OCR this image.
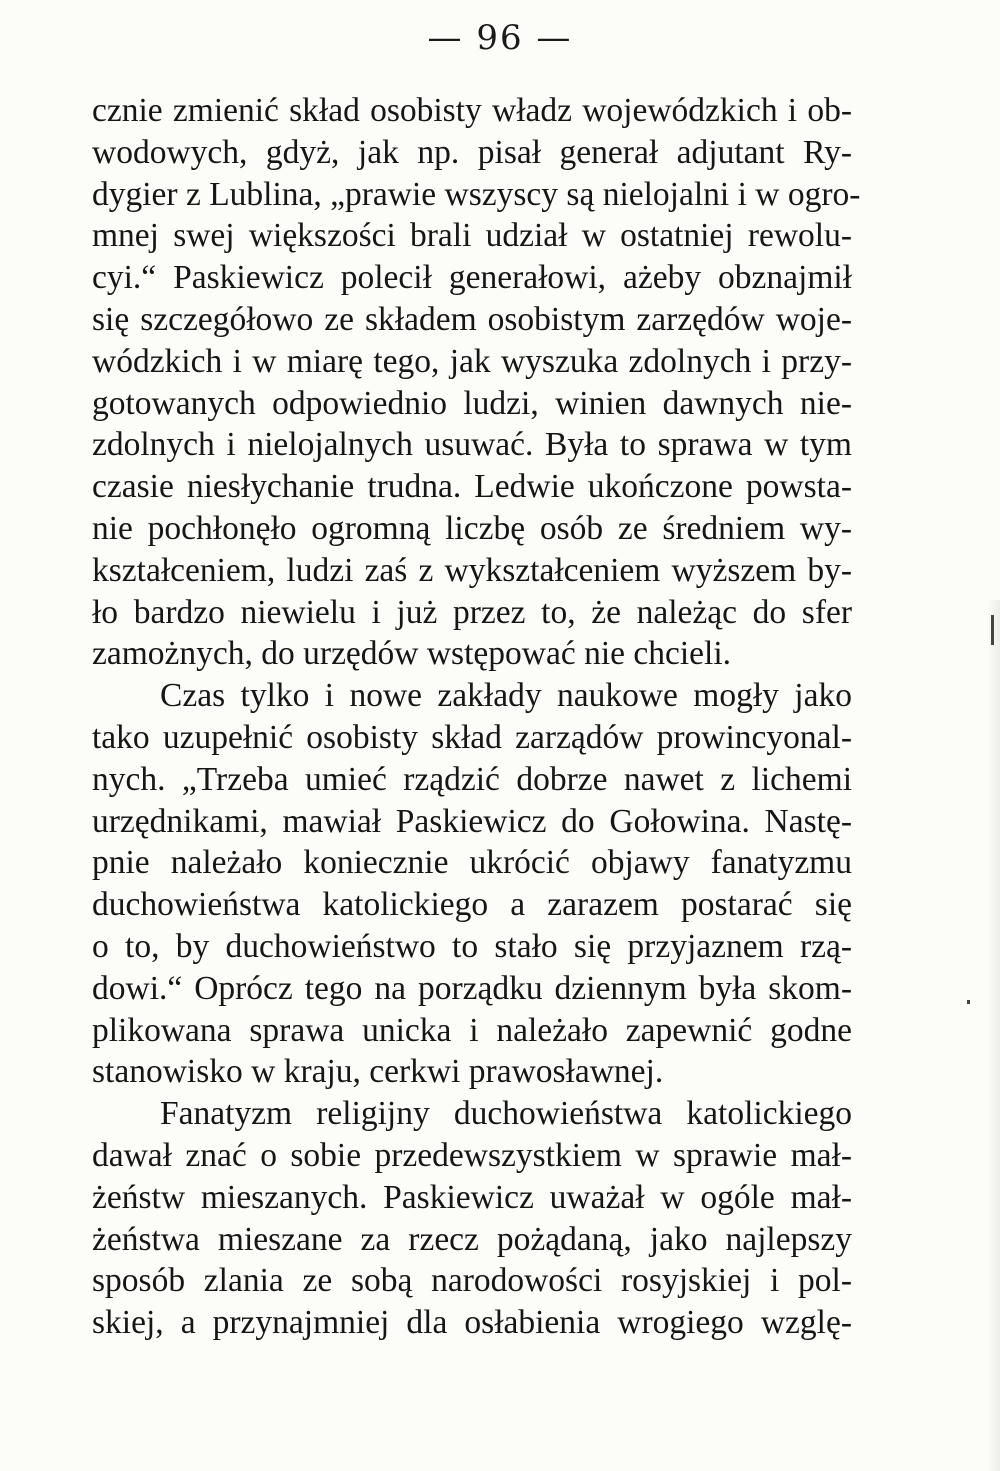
— 96 —
cznie zmienić skład osobisty władz wojewódzkich i ob-
wodowych, gdyż, jak np. pisał generał adjutant Ry-
dygier z Lublina, „prawie wszyscy są nielojalni i w ogro-
mnej swej większości brali udział w ostatniej rewolu-
cyi.“ Paskiewicz polecił generałowi, ażeby obznajmił
się szczegółowo ze składem osobistym zarzędów woje-
wódzkich i w miarę tego, jak wyszuka zdolnych i przy-
gotowanych odpowiednio ludzi, winien dawnych nie-
zdolnych i nielojalnych usuwać. Była to sprawa w tym
czasie niesłychanie trudna. Ledwie ukończone powsta-
nie pochłonęło ogromną liczbę osób ze średniem wy-
kształceniem, ludzi zaś z wykształceniem wyższem by-
ło bardzo niewielu i już przez to, że należąc do sfer
zamożnych, do urzędów wstępować nie chcieli.
Czas tylko i nowe zakłady naukowe mogły jako
tako uzupełnić osobisty skład zarządów prowincyonal-
nych. „Trzeba umieć rządzić dobrze nawet z lichemi
urzędnikami, mawiał Paskiewicz do Gołowina. Nastę-
pnie należało koniecznie ukrócić objawy fanatyzmu
duchowieństwa katolickiego a zarazem postarać się
o to, by duchowieństwo to stało się przyjaznem rzą-
dowi.“ Oprócz tego na porządku dziennym była skom-
plikowana sprawa unicka i należało zapewnić godne
stanowisko w kraju, cerkwi prawosławnej.
Fanatyzm religijny duchowieństwa katolickiego
dawał znać o sobie przedewszystkiem w sprawie mał-
żeństw mieszanych. Paskiewicz uważał w ogóle mał-
żeństwa mieszane za rzecz pożądaną, jako najlepszy
sposób zlania ze sobą narodowości rosyjskiej i pol-
skiej, a przynajmniej dla osłabienia wrogiego wzglę-
